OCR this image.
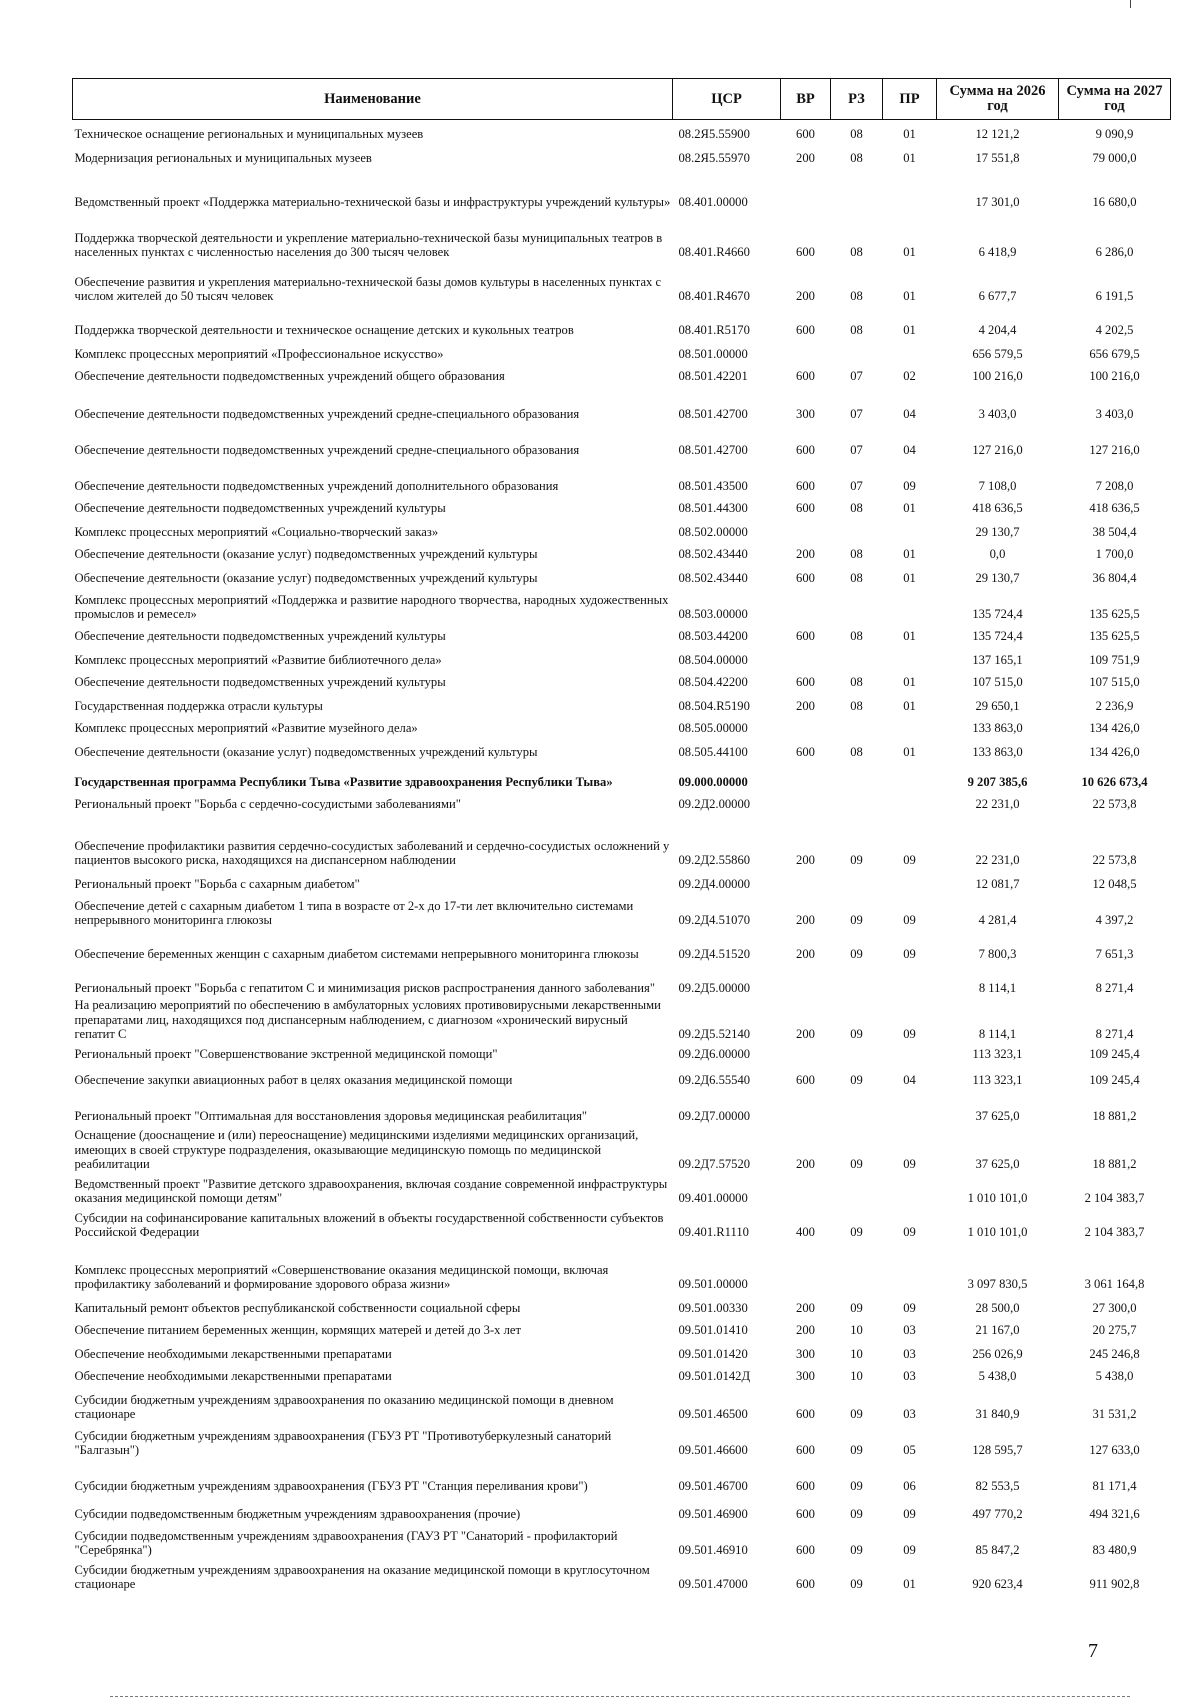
Наименование	ЦСР	ВР	РЗ	ПР	Сумма на 2026 год	Сумма на 2027 год
Техническое оснащение региональных и муниципальных музеев	08.2Я5.55900	600	08	01	12 121,2	9 090,9
Модернизация региональных и муниципальных музеев	08.2Я5.55970	200	08	01	17 551,8	79 000,0
Ведомственный проект «Поддержка материально-технической базы и инфраструктуры учреждений культуры»	08.401.00000				17 301,0	16 680,0
Поддержка творческой деятельности и укрепление материально-технической базы муниципальных театров в населенных пунктах с численностью населения до 300 тысяч человек	08.401.R4660	600	08	01	6 418,9	6 286,0
Обеспечение развития и укрепления материально-технической базы домов культуры в населенных пунктах с числом жителей до 50 тысяч человек	08.401.R4670	200	08	01	6 677,7	6 191,5
Поддержка творческой деятельности и техническое оснащение детских и кукольных театров	08.401.R5170	600	08	01	4 204,4	4 202,5
Комплекс процессных мероприятий «Профессиональное искусство»	08.501.00000				656 579,5	656 679,5
Обеспечение деятельности подведомственных учреждений общего образования	08.501.42201	600	07	02	100 216,0	100 216,0
Обеспечение деятельности подведомственных учреждений средне-специального образования	08.501.42700	300	07	04	3 403,0	3 403,0
Обеспечение деятельности подведомственных учреждений средне-специального образования	08.501.42700	600	07	04	127 216,0	127 216,0
Обеспечение деятельности подведомственных учреждений дополнительного образования	08.501.43500	600	07	09	7 108,0	7 208,0
Обеспечение деятельности подведомственных учреждений культуры	08.501.44300	600	08	01	418 636,5	418 636,5
Комплекс процессных мероприятий «Социально-творческий заказ»	08.502.00000				29 130,7	38 504,4
Обеспечение деятельности (оказание услуг) подведомственных учреждений культуры	08.502.43440	200	08	01	0,0	1 700,0
Обеспечение деятельности (оказание услуг) подведомственных учреждений культуры	08.502.43440	600	08	01	29 130,7	36 804,4
Комплекс процессных мероприятий «Поддержка и развитие народного творчества, народных художественных промыслов и ремесел»	08.503.00000				135 724,4	135 625,5
Обеспечение деятельности подведомственных учреждений культуры	08.503.44200	600	08	01	135 724,4	135 625,5
Комплекс процессных мероприятий «Развитие библиотечного дела»	08.504.00000				137 165,1	109 751,9
Обеспечение деятельности подведомственных учреждений культуры	08.504.42200	600	08	01	107 515,0	107 515,0
Государственная поддержка отрасли культуры	08.504.R5190	200	08	01	29 650,1	2 236,9
Комплекс процессных мероприятий «Развитие музейного дела»	08.505.00000				133 863,0	134 426,0
Обеспечение деятельности (оказание услуг) подведомственных учреждений культуры	08.505.44100	600	08	01	133 863,0	134 426,0
Государственная программа Республики Тыва «Развитие здравоохранения Республики Тыва»	09.000.00000				9 207 385,6	10 626 673,4
Региональный проект "Борьба с сердечно-сосудистыми заболеваниями"	09.2Д2.00000				22 231,0	22 573,8
Обеспечение профилактики развития сердечно-сосудистых заболеваний и сердечно-сосудистых осложнений у пациентов высокого риска, находящихся на диспансерном наблюдении	09.2Д2.55860	200	09	09	22 231,0	22 573,8
Региональный проект "Борьба с сахарным диабетом"	09.2Д4.00000				12 081,7	12 048,5
Обеспечение детей с сахарным диабетом 1 типа в возрасте от 2-х до 17-ти лет включительно системами непрерывного мониторинга глюкозы	09.2Д4.51070	200	09	09	4 281,4	4 397,2
Обеспечение беременных женщин с сахарным диабетом системами непрерывного мониторинга глюкозы	09.2Д4.51520	200	09	09	7 800,3	7 651,3
Региональный проект "Борьба с гепатитом С и минимизация рисков распространения данного заболевания"	09.2Д5.00000				8 114,1	8 271,4
На реализацию мероприятий по обеспечению в амбулаторных условиях противовирусными лекарственными препаратами лиц, находящихся под диспансерным наблюдением, с диагнозом «хронический вирусный гепатит С	09.2Д5.52140	200	09	09	8 114,1	8 271,4
Региональный проект "Совершенствование экстренной медицинской помощи"	09.2Д6.00000				113 323,1	109 245,4
Обеспечение закупки авиационных работ в целях оказания медицинской помощи	09.2Д6.55540	600	09	04	113 323,1	109 245,4
Региональный проект "Оптимальная для восстановления здоровья медицинская реабилитация"	09.2Д7.00000				37 625,0	18 881,2
Оснащение (дооснащение и (или) переоснащение) медицинскими изделиями медицинских организаций, имеющих в своей структуре подразделения, оказывающие медицинскую помощь по медицинской реабилитации	09.2Д7.57520	200	09	09	37 625,0	18 881,2
Ведомственный проект "Развитие детского здравоохранения, включая создание современной инфраструктуры оказания медицинской помощи детям"	09.401.00000				1 010 101,0	2 104 383,7
Субсидии на софинансирование капитальных вложений в объекты государственной собственности субъектов Российской Федерации	09.401.R1110	400	09	09	1 010 101,0	2 104 383,7
Комплекс процессных мероприятий «Совершенствование оказания медицинской помощи, включая профилактику заболеваний и формирование здорового образа жизни»	09.501.00000				3 097 830,5	3 061 164,8
Капитальный ремонт объектов республиканской собственности социальной сферы	09.501.00330	200	09	09	28 500,0	27 300,0
Обеспечение питанием беременных женщин, кормящих матерей и детей до 3-х лет	09.501.01410	200	10	03	21 167,0	20 275,7
Обеспечение необходимыми лекарственными препаратами	09.501.01420	300	10	03	256 026,9	245 246,8
Обеспечение необходимыми лекарственными препаратами	09.501.0142Д	300	10	03	5 438,0	5 438,0
Субсидии бюджетным учреждениям здравоохранения по оказанию медицинской помощи в дневном стационаре	09.501.46500	600	09	03	31 840,9	31 531,2
Субсидии бюджетным учреждениям здравоохранения (ГБУЗ РТ "Противотуберкулезный санаторий "Балгазын")	09.501.46600	600	09	05	128 595,7	127 633,0
Субсидии бюджетным учреждениям здравоохранения (ГБУЗ РТ "Станция переливания крови")	09.501.46700	600	09	06	82 553,5	81 171,4
Субсидии подведомственным бюджетным учреждениям здравоохранения (прочие)	09.501.46900	600	09	09	497 770,2	494 321,6
Субсидии подведомственным учреждениям здравоохранения (ГАУЗ РТ "Санаторий - профилакторий "Серебрянка")	09.501.46910	600	09	09	85 847,2	83 480,9
Субсидии бюджетным учреждениям здравоохранения на оказание медицинской помощи в круглосуточном стационаре	09.501.47000	600	09	01	920 623,4	911 902,8
7
